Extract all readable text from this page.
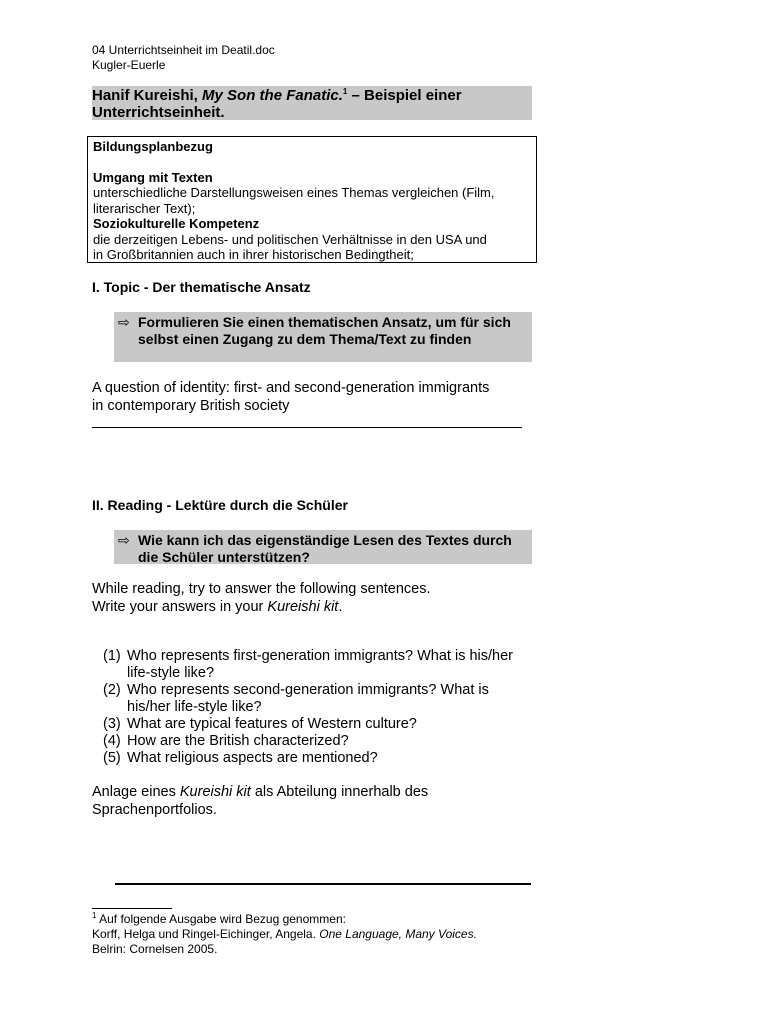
04 Unterrichtseinheit im Deatil.doc
Kugler-Euerle
Hanif Kureishi, My Son the Fanatic.$^1$ – Beispiel einer Unterrichtseinheit.
Bildungsplanbezug
Umgang mit Texten
unterschiedliche Darstellungsweisen eines Themas vergleichen (Film,
literarischer Text);
Soziokulturelle Kompetenz
die derzeitigen Lebens- und politischen Verhältnisse in den USA und
in Großbritannien auch in ihrer historischen Bedingtheit;
I. Topic - Der thematische Ansatz
⇨ Formulieren Sie einen thematischen Ansatz, um für sich selbst einen Zugang zu dem Thema/Text zu finden
A question of identity: first- and second-generation immigrants
in contemporary British society
II. Reading - Lektüre durch die Schüler
⇨ Wie kann ich das eigenständige Lesen des Textes durch die Schüler unterstützen?
While reading, try to answer the following sentences.
Write your answers in your Kureishi kit.
(1) Who represents first-generation immigrants? What is his/her life-style like?
(2) Who represents second-generation immigrants? What is his/her life-style like?
(3) What are typical features of Western culture?
(4) How are the British characterized?
(5) What religious aspects are mentioned?
Anlage eines Kureishi kit als Abteilung innerhalb des
Sprachenportfolios.
$^1$ Auf folgende Ausgabe wird Bezug genommen:
Korff, Helga und Ringel-Eichinger, Angela. One Language, Many Voices.
Belrin: Cornelsen 2005.
